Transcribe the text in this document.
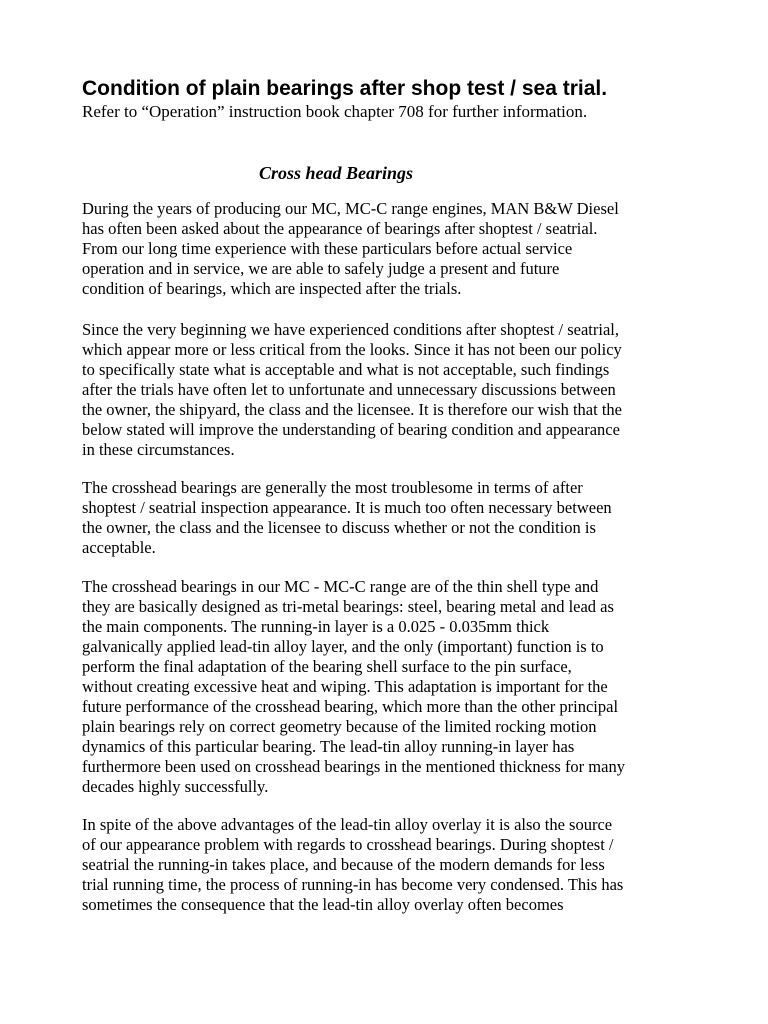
Condition of plain bearings after shop test / sea trial.

Refer to “Operation” instruction book chapter 708 for further information.

Cross head Bearings
During the years of producing our MC, MC-C range engines, MAN B&W Diesel
has often been asked about the appearance of bearings after shoptest / seatrial.
From our long time experience with these particulars before actual service
operation and in service, we are able to safely judge a present and future
condition of bearings, which are inspected after the trials.
Since the very beginning we have experienced conditions after shoptest / seatrial,
which appear more or less critical from the looks. Since it has not been our policy
to specifically state what is acceptable and what is not acceptable, such findings
after the trials have often let to unfortunate and unnecessary discussions between
the owner, the shipyard, the class and the licensee. It is therefore our wish that the
below stated will improve the understanding of bearing condition and appearance
in these circumstances.
The crosshead bearings are generally the most troublesome in terms of after
shoptest / seatrial inspection appearance. It is much too often necessary between
the owner, the class and the licensee to discuss whether or not the condition is
acceptable.
The crosshead bearings in our MC - MC-C range are of the thin shell type and
they are basically designed as tri-metal bearings: steel, bearing metal and lead as
the main components. The running-in layer is a 0.025 - 0.035mm thick
galvanically applied lead-tin alloy layer, and the only (important) function is to
perform the final adaptation of the bearing shell surface to the pin surface,
without creating excessive heat and wiping. This adaptation is important for the
future performance of the crosshead bearing, which more than the other principal
plain bearings rely on correct geometry because of the limited rocking motion
dynamics of this particular bearing. The lead-tin alloy running-in layer has
furthermore been used on crosshead bearings in the mentioned thickness for many
decades highly successfully.
In spite of the above advantages of the lead-tin alloy overlay it is also the source
of our appearance problem with regards to crosshead bearings. During shoptest /
seatrial the running-in takes place, and because of the modern demands for less
trial running time, the process of running-in has become very condensed. This has
sometimes the consequence that the lead-tin alloy overlay often becomes
